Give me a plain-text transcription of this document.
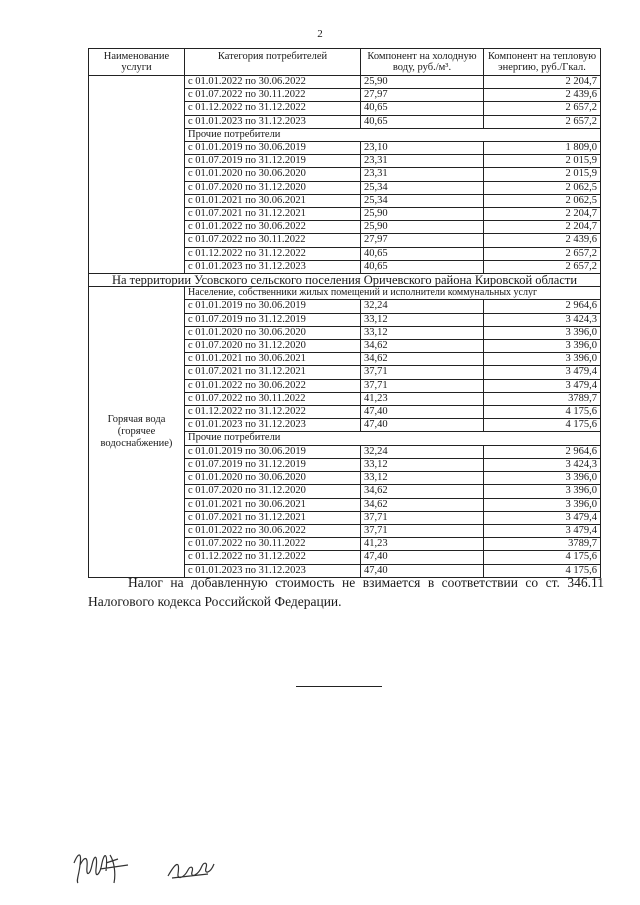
2
Наименование услуги	Категория потребителей	Компонент на холодную воду, руб./м³.	Компонент на тепловую энергию, руб./Гкал.
	с 01.01.2022 по 30.06.2022	25,90	2 204,7
	с 01.07.2022 по 30.11.2022	27,97	2 439,6
	с 01.12.2022 по 31.12.2022	40,65	2 657,2
	с 01.01.2023 по 31.12.2023	40,65	2 657,2
	Прочие потребители		
	с 01.01.2019 по 30.06.2019	23,10	1 809,0
	с 01.07.2019 по 31.12.2019	23,31	2 015,9
	с 01.01.2020 по 30.06.2020	23,31	2 015,9
	с 01.07.2020 по 31.12.2020	25,34	2 062,5
	с 01.01.2021 по 30.06.2021	25,34	2 062,5
	с 01.07.2021 по 31.12.2021	25,90	2 204,7
	с 01.01.2022 по 30.06.2022	25,90	2 204,7
	с 01.07.2022 по 30.11.2022	27,97	2 439,6
	с 01.12.2022 по 31.12.2022	40,65	2 657,2
	с 01.01.2023 по 31.12.2023	40,65	2 657,2
На территории Усовского сельского поселения Оричевского района Кировской области			
Горячая вода (горячее водоснабжение)	Население, собственники жилых помещений и исполнители коммунальных услуг		
	с 01.01.2019 по 30.06.2019	32,24	2 964,6
	с 01.07.2019 по 31.12.2019	33,12	3 424,3
	с 01.01.2020 по 30.06.2020	33,12	3 396,0
	с 01.07.2020 по 31.12.2020	34,62	3 396,0
	с 01.01.2021 по 30.06.2021	34,62	3 396,0
	с 01.07.2021 по 31.12.2021	37,71	3 479,4
	с 01.01.2022 по 30.06.2022	37,71	3 479,4
	с 01.07.2022 по 30.11.2022	41,23	3789,7
	с 01.12.2022 по 31.12.2022	47,40	4 175,6
	с 01.01.2023 по 31.12.2023	47,40	4 175,6
	Прочие потребители		
	с 01.01.2019 по 30.06.2019	32,24	2 964,6
	с 01.07.2019 по 31.12.2019	33,12	3 424,3
	с 01.01.2020 по 30.06.2020	33,12	3 396,0
	с 01.07.2020 по 31.12.2020	34,62	3 396,0
	с 01.01.2021 по 30.06.2021	34,62	3 396,0
	с 01.07.2021 по 31.12.2021	37,71	3 479,4
	с 01.01.2022 по 30.06.2022	37,71	3 479,4
	с 01.07.2022 по 30.11.2022	41,23	3789,7
	с 01.12.2022 по 31.12.2022	47,40	4 175,6
	с 01.01.2023 по 31.12.2023	47,40	4 175,6
Налог на добавленную стоимость не взимается в соответствии со ст. 346.11 Налогового кодекса Российской Федерации.
